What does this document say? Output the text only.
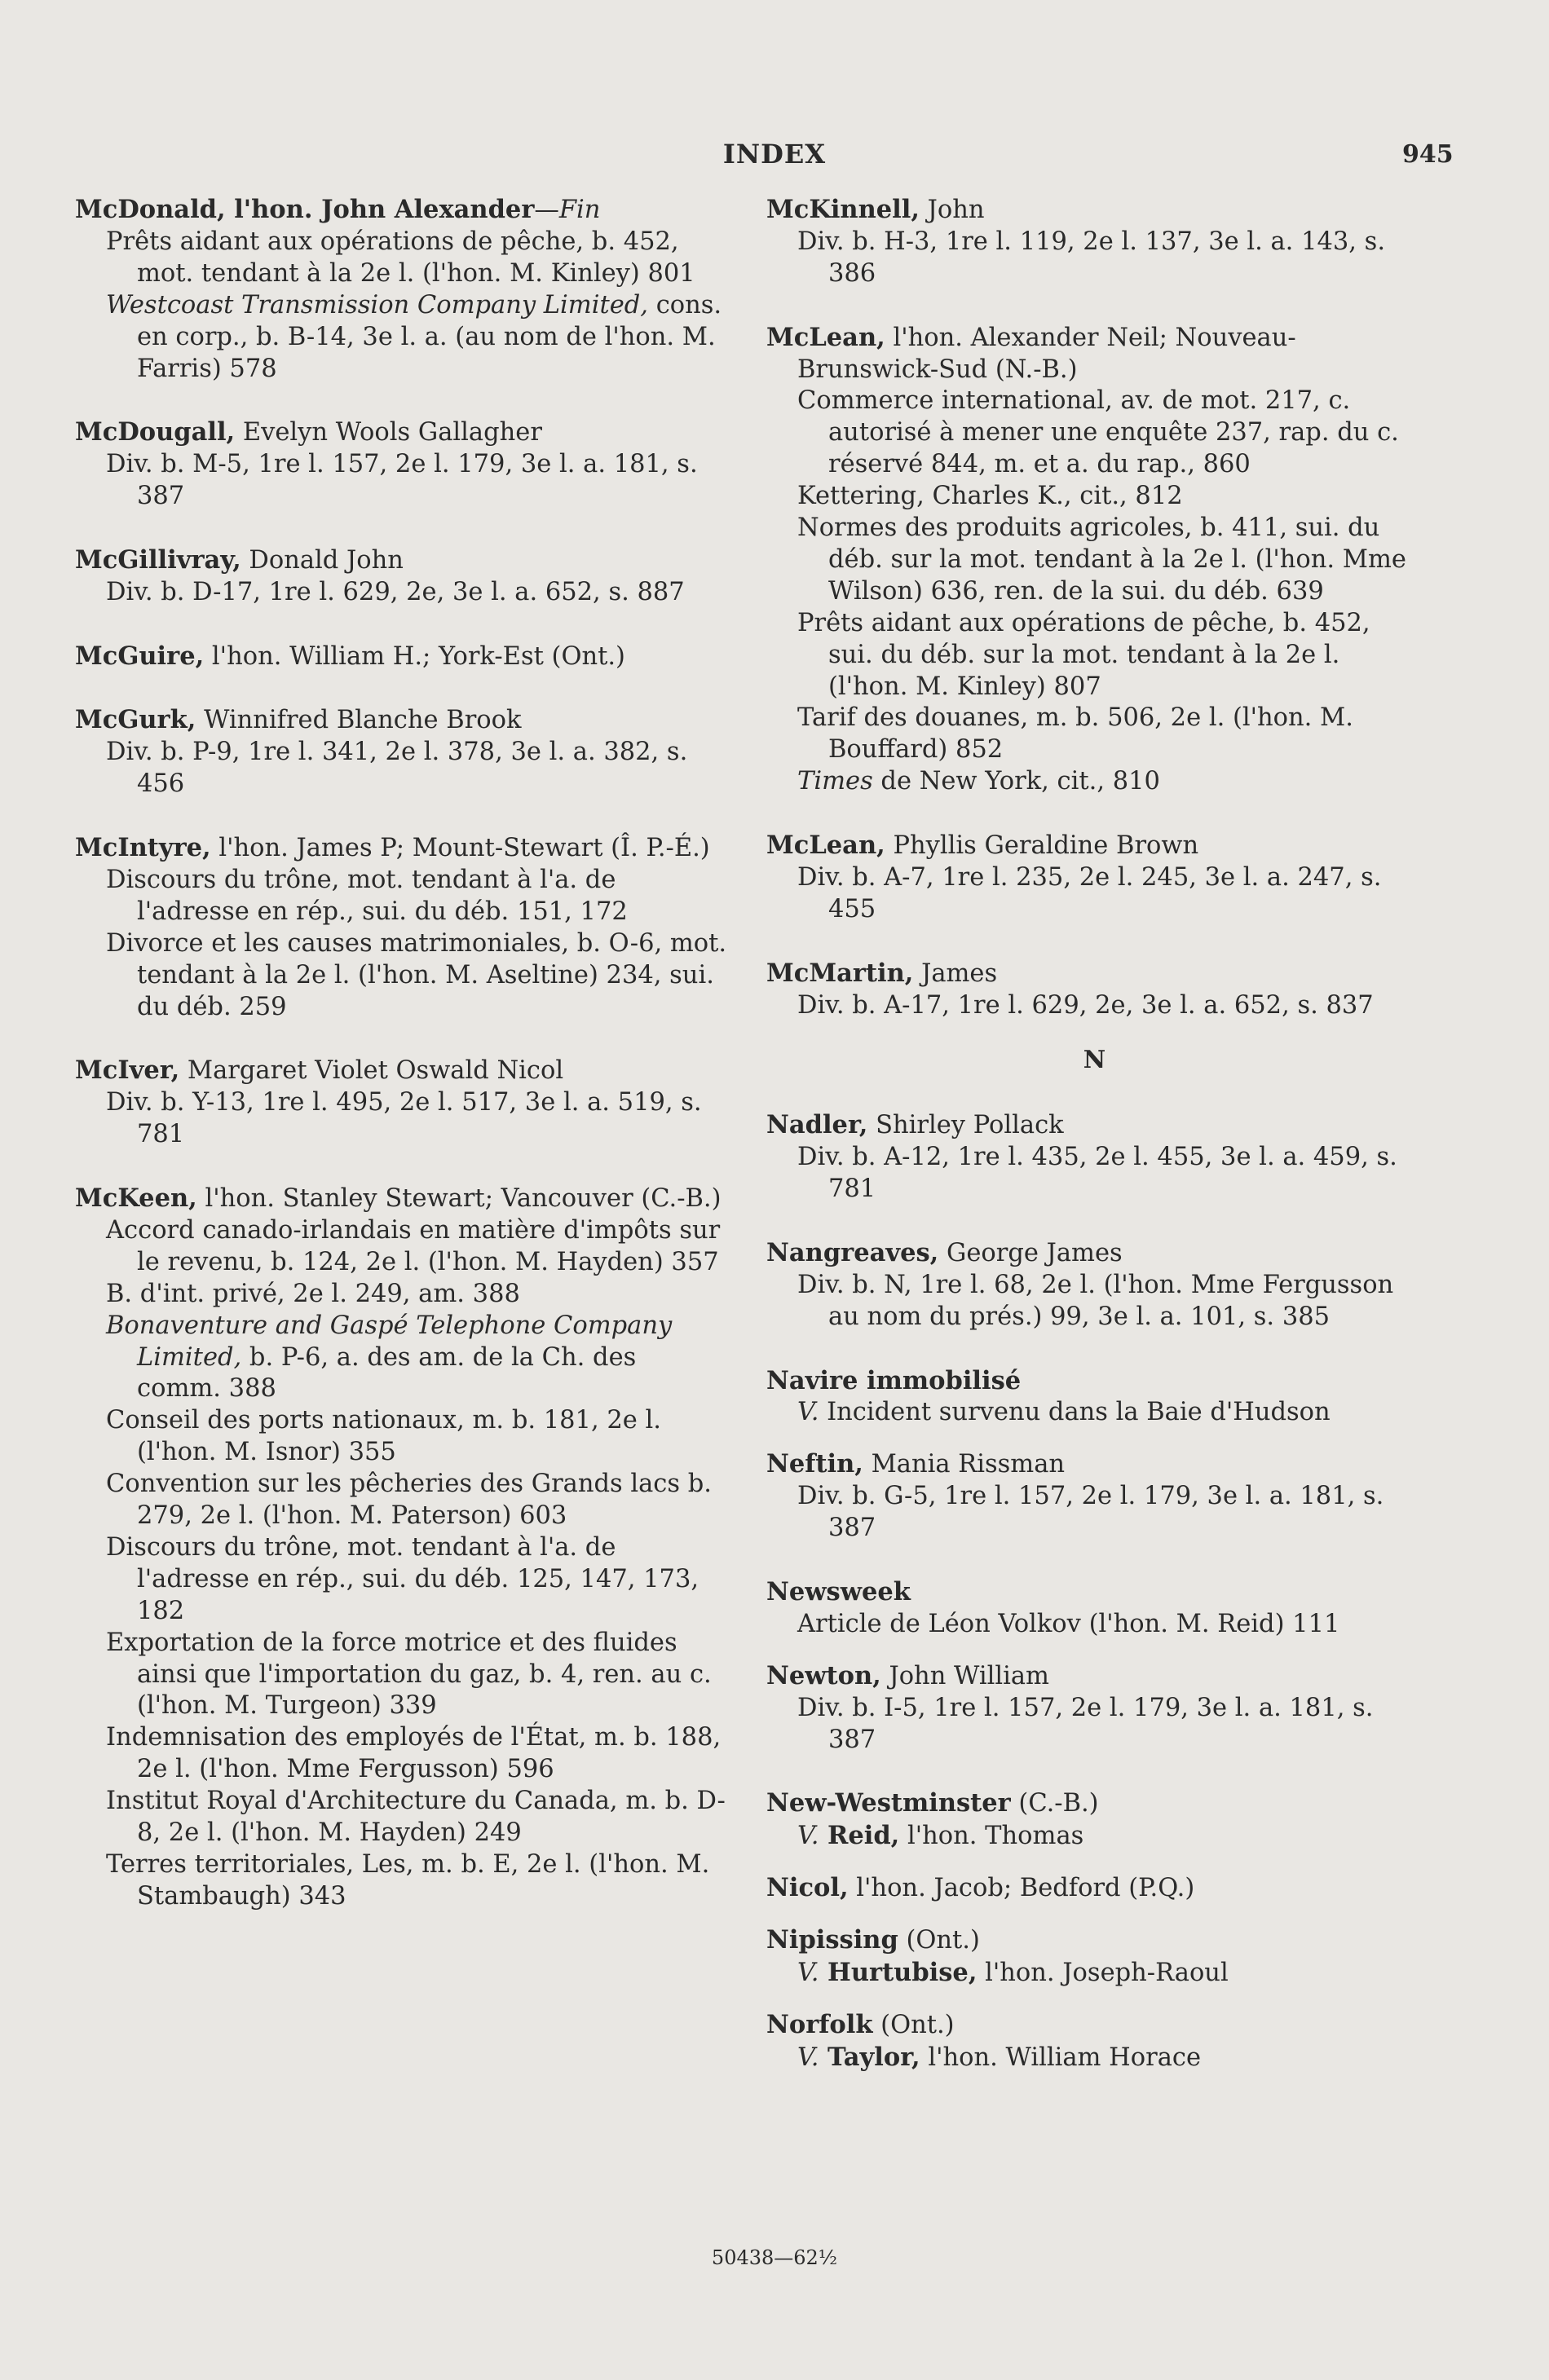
INDEX	945
McDonald, l'hon. John Alexander—Fin
Prêts aidant aux opérations de pêche, b. 452, mot. tendant à la 2e l. (l'hon. M. Kinley) 801
Westcoast Transmission Company Limited, cons. en corp., b. B-14, 3e l. a. (au nom de l'hon. M. Farris) 578
McDougall, Evelyn Wools Gallagher
Div. b. M-5, 1re l. 157, 2e l. 179, 3e l. a. 181, s. 387
McGillivray, Donald John
Div. b. D-17, 1re l. 629, 2e, 3e l. a. 652, s. 887
McGuire, l'hon. William H.; York-Est (Ont.)
McGurk, Winnifred Blanche Brook
Div. b. P-9, 1re l. 341, 2e l. 378, 3e l. a. 382, s. 456
McIntyre, l'hon. James P; Mount-Stewart (Î. P.-É.)
Discours du trône, mot. tendant à l'a. de l'adresse en rép., sui. du déb. 151, 172
Divorce et les causes matrimoniales, b. O-6, mot. tendant à la 2e l. (l'hon. M. Aseltine) 234, sui. du déb. 259
McIver, Margaret Violet Oswald Nicol
Div. b. Y-13, 1re l. 495, 2e l. 517, 3e l. a. 519, s. 781
McKeen, l'hon. Stanley Stewart; Vancouver (C.-B.)
Accord canado-irlandais en matière d'impôts sur le revenu, b. 124, 2e l. (l'hon. M. Hayden) 357
B. d'int. privé, 2e l. 249, am. 388
Bonaventure and Gaspé Telephone Company Limited, b. P-6, a. des am. de la Ch. des comm. 388
Conseil des ports nationaux, m. b. 181, 2e l. (l'hon. M. Isnor) 355
Convention sur les pêcheries des Grands lacs b. 279, 2e l. (l'hon. M. Paterson) 603
Discours du trône, mot. tendant à l'a. de l'adresse en rép., sui. du déb. 125, 147, 173, 182
Exportation de la force motrice et des fluides ainsi que l'importation du gaz, b. 4, ren. au c. (l'hon. M. Turgeon) 339
Indemnisation des employés de l'État, m. b. 188, 2e l. (l'hon. Mme Fergusson) 596
Institut Royal d'Architecture du Canada, m. b. D-8, 2e l. (l'hon. M. Hayden) 249
Terres territoriales, Les, m. b. E, 2e l. (l'hon. M. Stambaugh) 343
McKinnell, John
Div. b. H-3, 1re l. 119, 2e l. 137, 3e l. a. 143, s. 386
McLean, l'hon. Alexander Neil; Nouveau-Brunswick-Sud (N.-B.)
Commerce international, av. de mot. 217, c. autorisé à mener une enquête 237, rap. du c. réservé 844, m. et a. du rap., 860
Kettering, Charles K., cit., 812
Normes des produits agricoles, b. 411, sui. du déb. sur la mot. tendant à la 2e l. (l'hon. Mme Wilson) 636, ren. de la sui. du déb. 639
Prêts aidant aux opérations de pêche, b. 452, sui. du déb. sur la mot. tendant à la 2e l. (l'hon. M. Kinley) 807
Tarif des douanes, m. b. 506, 2e l. (l'hon. M. Bouffard) 852
Times de New York, cit., 810
McLean, Phyllis Geraldine Brown
Div. b. A-7, 1re l. 235, 2e l. 245, 3e l. a. 247, s. 455
McMartin, James
Div. b. A-17, 1re l. 629, 2e, 3e l. a. 652, s. 837
N
Nadler, Shirley Pollack
Div. b. A-12, 1re l. 435, 2e l. 455, 3e l. a. 459, s. 781
Nangreaves, George James
Div. b. N, 1re l. 68, 2e l. (l'hon. Mme Fergusson au nom du prés.) 99, 3e l. a. 101, s. 385
Navire immobilisé
V. Incident survenu dans la Baie d'Hudson
Neftin, Mania Rissman
Div. b. G-5, 1re l. 157, 2e l. 179, 3e l. a. 181, s. 387
Newsweek
Article de Léon Volkov (l'hon. M. Reid) 111
Newton, John William
Div. b. I-5, 1re l. 157, 2e l. 179, 3e l. a. 181, s. 387
New-Westminster (C.-B.)
V. Reid, l'hon. Thomas
Nicol, l'hon. Jacob; Bedford (P.Q.)
Nipissing (Ont.)
V. Hurtubise, l'hon. Joseph-Raoul
Norfolk (Ont.)
V. Taylor, l'hon. William Horace
50438—62½
